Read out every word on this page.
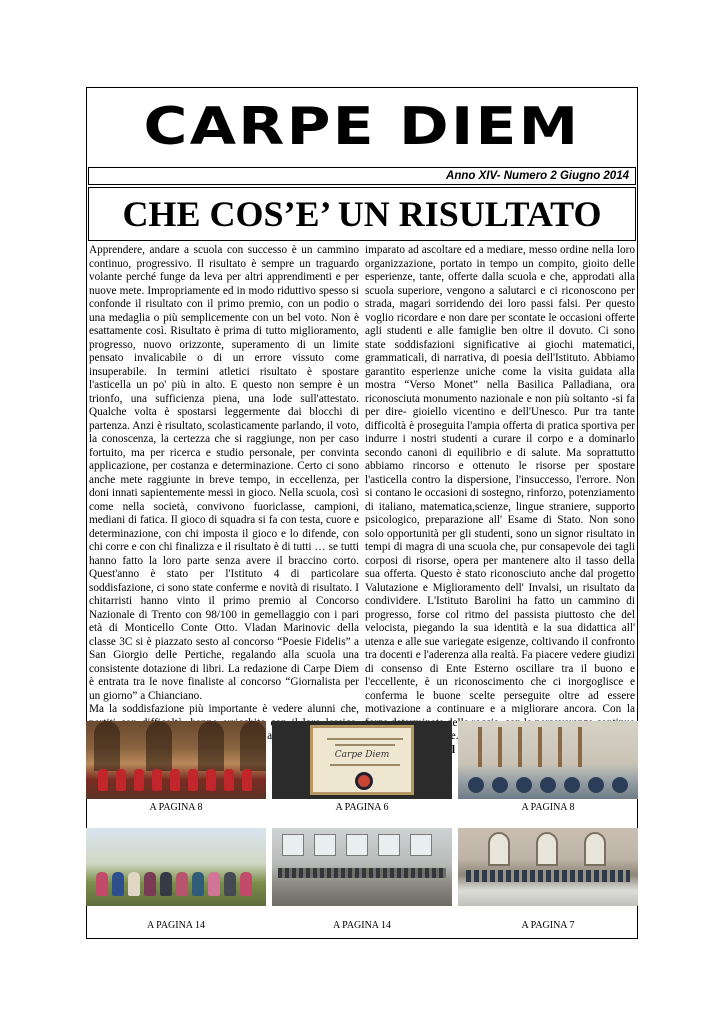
CARPE DIEM
Anno XIV- Numero 2 Giugno 2014
CHE COS’E’ UN RISULTATO

Apprendere, andare a scuola con successo è un cammino continuo, progressivo. Il risultato è sempre un traguardo volante perché funge da leva per altri apprendimenti e per nuove mete. Impropriamente ed in modo riduttivo spesso si confonde il risultato con il primo premio, con un podio o una medaglia o più semplicemente con un bel voto. Non è esattamente così. Risultato è prima di tutto miglioramento, progresso, nuovo orizzonte, superamento di un limite pensato invalicabile o di un errore vissuto come insuperabile. In termini atletici risultato è spostare l'asticella un po' più in alto. E questo non sempre è un trionfo, una sufficienza piena, una lode sull'attestato. Qualche volta è spostarsi leggermente dai blocchi di partenza. Anzi è risultato, scolasticamente parlando, il voto, la conoscenza, la certezza che si raggiunge, non per caso fortuito, ma per ricerca e studio personale, per convinta applicazione, per costanza e determinazione. Certo ci sono anche mete raggiunte in breve tempo, in eccellenza, per doni innati sapientemente messi in gioco. Nella scuola, così come nella società, convivono fuoriclasse, campioni, mediani di fatica. Il gioco di squadra si fa con testa, cuore e determinazione, con chi imposta il gioco e lo difende, con chi corre e con chi finalizza e il risultato è di tutti … se tutti hanno fatto la loro parte senza avere il braccino corto. Quest'anno è stato per l'Istituto 4 di particolare soddisfazione, ci sono state conferme e novità di risultato. I chitarristi hanno vinto il primo premio al Concorso Nazionale di Trento con 98/100 in gemellaggio con i pari età di Monticello Conte Otto. Vladan Marinovic della classe 3C si è piazzato sesto al concorso “Poesie Fidelis” a San Giorgio delle Pertiche, regalando alla scuola una consistente dotazione di libri. La redazione di Carpe Diem è entrata tra le nove finaliste al concorso “Giornalista per un giorno” a Chianciano.

Ma la soddisfazione più importante è vedere alunni che,

imparato ad ascoltare ed a mediare, messo ordine nella loro organizzazione, portato in tempo un compito, gioito delle esperienze, tante, offerte dalla scuola e che, approdati alla scuola superiore, vengono a salutarci e ci riconoscono per strada, magari sorridendo dei loro passi falsi. Per questo voglio ricordare e non dare per scontate le occasioni offerte agli studenti e alle famiglie ben oltre il dovuto. Ci sono state soddisfazioni significative ai giochi matematici, grammaticali, di narrativa, di poesia dell'Istituto. Abbiamo garantito esperienze uniche come la visita guidata alla mostra “Verso Monet” nella Basilica Palladiana, ora riconosciuta monumento nazionale e non più soltanto -si fa per dire- gioiello vicentino e dell'Unesco. Pur tra tante difficoltà è proseguita l'ampia offerta di pratica sportiva per indurre i nostri studenti a curare il corpo e a dominarlo secondo canoni di equilibrio e di salute. Ma soprattutto abbiamo rincorso e ottenuto le risorse per spostare l'asticella contro la dispersione, l'insuccesso, l'errore. Non si contano le occasioni di sostegno, rinforzo, potenziamento di italiano, matematica,scienze, lingue straniere, supporto psicologico, preparazione all' Esame di Stato. Non sono solo opportunità per gli studenti, sono un signor risultato in tempi di magra di una scuola che, pur consapevole dei tagli corposi di risorse, opera per mantenere alto il tasso della sua offerta. Questo è stato riconosciuto anche dal progetto Valutazione e Miglioramento dell' Invalsi, un risultato da condividere. L'Istituto Barolini ha fatto un cammino di progresso, forse col ritmo del passista piuttosto che del velocista, piegando la sua identità e la sua didattica all' utenza e alle sue variegate esigenze, coltivando il confronto tra docenti e l'aderenza alla realtà. Fa piacere vedere giudizi di consenso di Ente Esterno oscillare tra il buono e l'eccellente, è un riconoscimento che ci inorgoglisce e conferma le buone scelte perseguite oltre ad essere motivazione a continuare e a migliorare ancora. Con la

Carpe Diem
A PAGINA 8	A PAGINA 6	A PAGINA 8
A PAGINA 14	A PAGINA 14	A PAGINA 7
